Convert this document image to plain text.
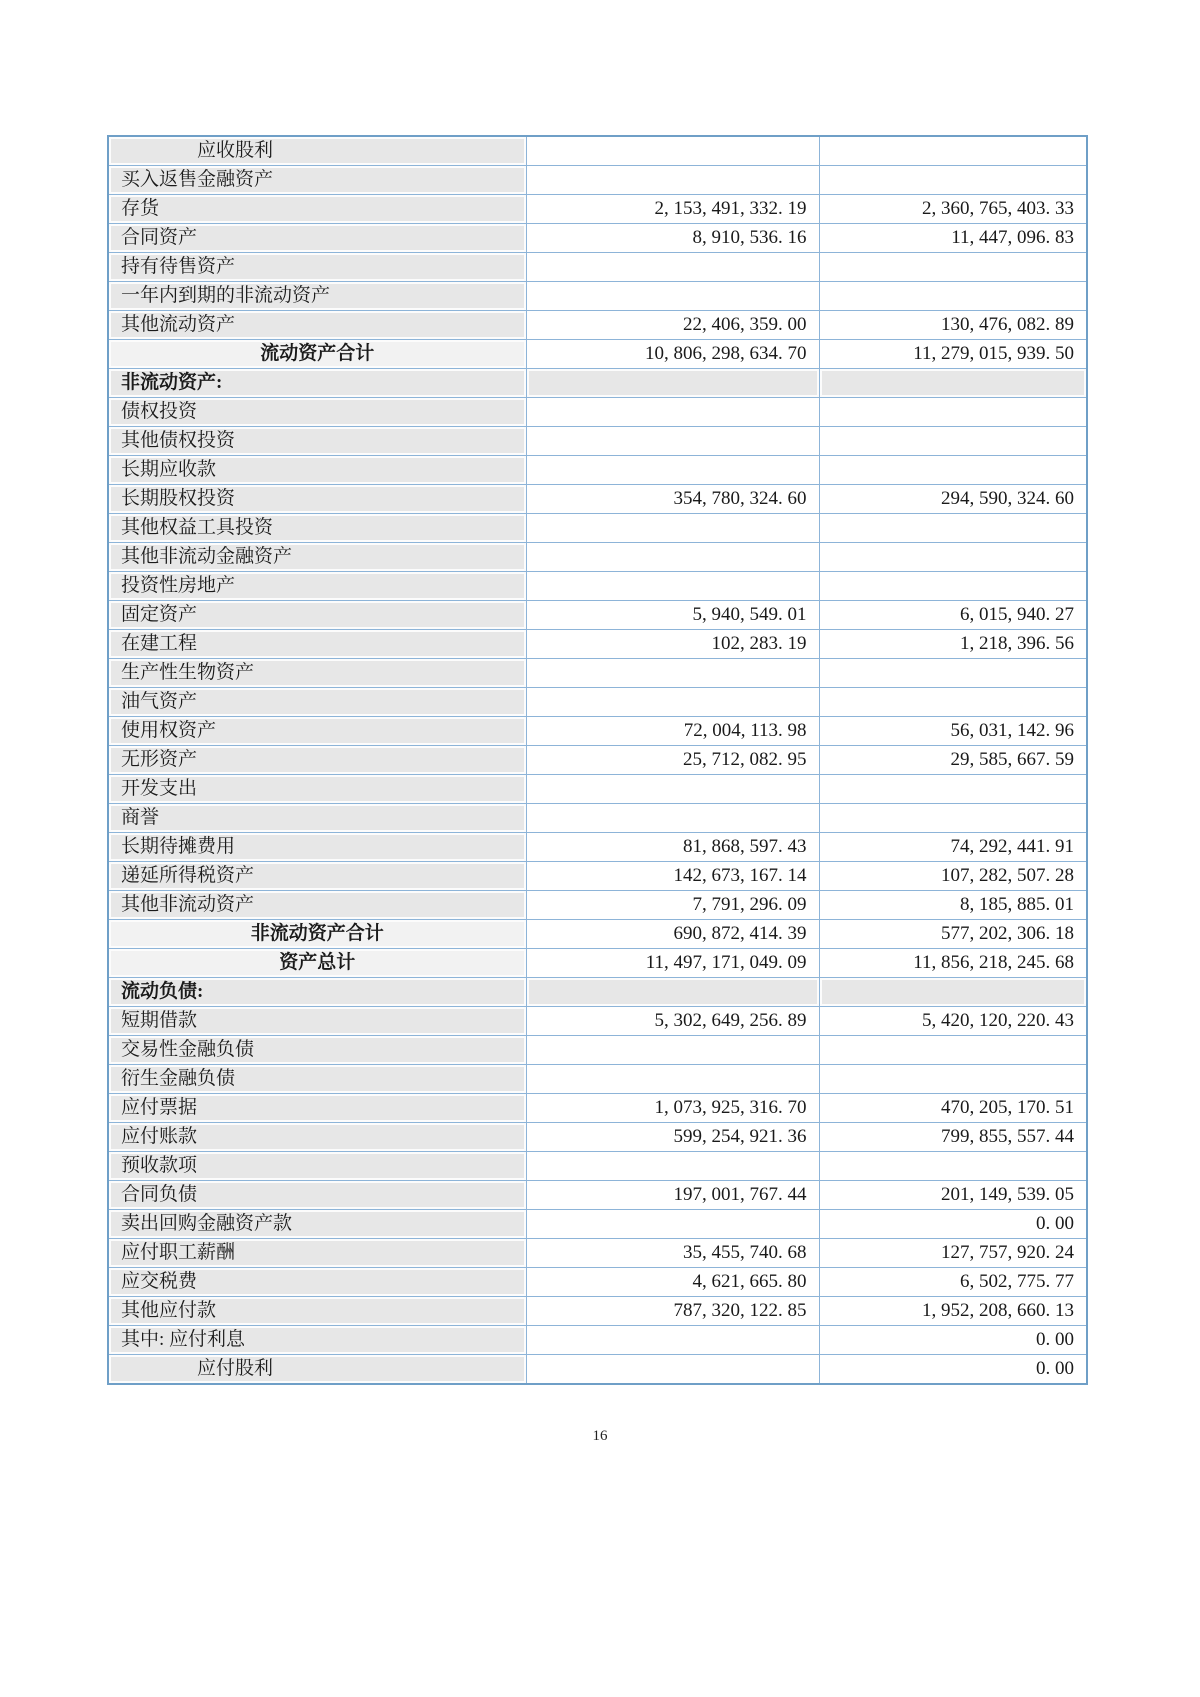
应收股利		
买入返售金融资产		
存货	2, 153, 491, 332. 19	2, 360, 765, 403. 33
合同资产	8, 910, 536. 16	11, 447, 096. 83
持有待售资产		
一年内到期的非流动资产		
其他流动资产	22, 406, 359. 00	130, 476, 082. 89
流动资产合计	10, 806, 298, 634. 70	11, 279, 015, 939. 50
非流动资产:		
债权投资		
其他债权投资		
长期应收款		
长期股权投资	354, 780, 324. 60	294, 590, 324. 60
其他权益工具投资		
其他非流动金融资产		
投资性房地产		
固定资产	5, 940, 549. 01	6, 015, 940. 27
在建工程	102, 283. 19	1, 218, 396. 56
生产性生物资产		
油气资产		
使用权资产	72, 004, 113. 98	56, 031, 142. 96
无形资产	25, 712, 082. 95	29, 585, 667. 59
开发支出		
商誉		
长期待摊费用	81, 868, 597. 43	74, 292, 441. 91
递延所得税资产	142, 673, 167. 14	107, 282, 507. 28
其他非流动资产	7, 791, 296. 09	8, 185, 885. 01
非流动资产合计	690, 872, 414. 39	577, 202, 306. 18
资产总计	11, 497, 171, 049. 09	11, 856, 218, 245. 68
流动负债:		
短期借款	5, 302, 649, 256. 89	5, 420, 120, 220. 43
交易性金融负债		
衍生金融负债		
应付票据	1, 073, 925, 316. 70	470, 205, 170. 51
应付账款	599, 254, 921. 36	799, 855, 557. 44
预收款项		
合同负债	197, 001, 767. 44	201, 149, 539. 05
卖出回购金融资产款		0. 00
应付职工薪酬	35, 455, 740. 68	127, 757, 920. 24
应交税费	4, 621, 665. 80	6, 502, 775. 77
其他应付款	787, 320, 122. 85	1, 952, 208, 660. 13
其中: 应付利息		0. 00
应付股利		0. 00
16
